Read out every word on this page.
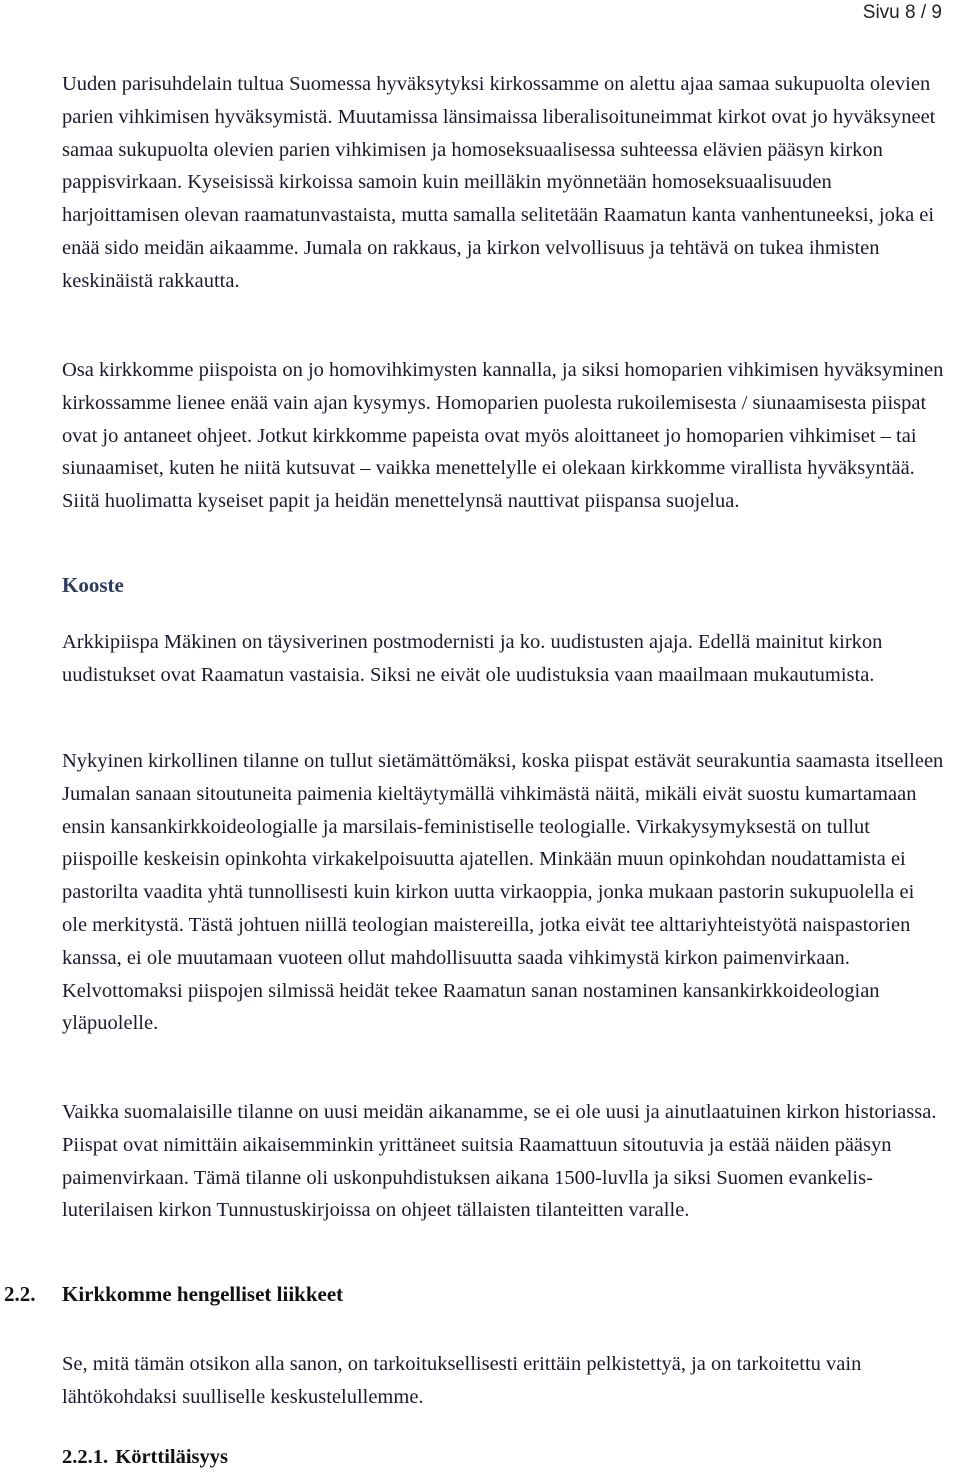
Sivu 8 / 9

Uuden parisuhdelain tultua Suomessa hyväksytyksi kirkossamme on alettu ajaa samaa sukupuolta olevien parien vihkimisen hyväksymistä. Muutamissa länsimaissa liberalisoituneimmat kirkot ovat jo hyväksyneet samaa sukupuolta olevien parien vihkimisen ja homoseksuaalisessa suhteessa elävien pääsyn kirkon pappisvirkaan. Kyseisissä kirkoissa samoin kuin meilläkin myönnetään homoseksuaalisuuden harjoittamisen olevan raamatunvastaista, mutta samalla selitetään Raamatun kanta vanhentuneeksi, joka ei enää sido meidän aikaamme. Jumala on rakkaus, ja kirkon velvollisuus ja tehtävä on tukea ihmisten keskinäistä rakkautta.

Osa kirkkomme piispoista on jo homovihkimysten kannalla, ja siksi homoparien vihkimisen hyväksyminen kirkossamme lienee enää vain ajan kysymys. Homoparien puolesta rukoilemisesta / siunaamisesta piispat ovat jo antaneet ohjeet. Jotkut kirkkomme papeista ovat myös aloittaneet jo homoparien vihkimiset – tai siunaamiset, kuten he niitä kutsuvat – vaikka menettelylle ei olekaan kirkkomme virallista hyväksyntää. Siitä huolimatta kyseiset papit ja heidän menettelynsä nauttivat piispansa suojelua.

Kooste

Arkkipiispa Mäkinen on täysiverinen postmodernisti ja ko. uudistusten ajaja. Edellä mainitut kirkon uudistukset ovat Raamatun vastaisia. Siksi ne eivät ole uudistuksia vaan maailmaan mukautumista.

Nykyinen kirkollinen tilanne on tullut sietämättömäksi, koska piispat estävät seurakuntia saamasta itselleen Jumalan sanaan sitoutuneita paimenia kieltäytymällä vihkimästä näitä, mikäli eivät suostu kumartamaan ensin kansankirkkoideologialle ja marsilais-feministiselle teologialle. Virkakysymyksestä on tullut piispoille keskeisin opinkohta virkakelpoisuutta ajatellen. Minkään muun opinkohdan noudattamista ei pastorilta vaadita yhtä tunnollisesti kuin kirkon uutta virkaoppia, jonka mukaan pastorin sukupuolella ei ole merkitystä. Tästä johtuen niillä teologian maistereilla, jotka eivät tee alttariyhteistyötä naispastorien kanssa, ei ole muutamaan vuoteen ollut mahdollisuutta saada vihkimystä kirkon paimenvirkaan. Kelvottomaksi piispojen silmissä heidät tekee Raamatun sanan nostaminen kansankirkkoideologian yläpuolelle.

Vaikka suomalaisille tilanne on uusi meidän aikanamme, se ei ole uusi ja ainutlaatuinen kirkon historiassa. Piispat ovat nimittäin aikaisemminkin yrittäneet suitsia Raamattuun sitoutuvia ja estää näiden pääsyn paimenvirkaan. Tämä tilanne oli uskonpuhdistuksen aikana 1500-luvlla ja siksi Suomen evankelis-luterilaisen kirkon Tunnustuskirjoissa on ohjeet tällaisten tilanteitten varalle.

2.2. Kirkkomme hengelliset liikkeet

Se, mitä tämän otsikon alla sanon, on tarkoituksellisesti erittäin pelkistettyä, ja on tarkoitettu vain lähtökohdaksi suulliselle keskustelullemme.

2.2.1. Körttiläisyys
